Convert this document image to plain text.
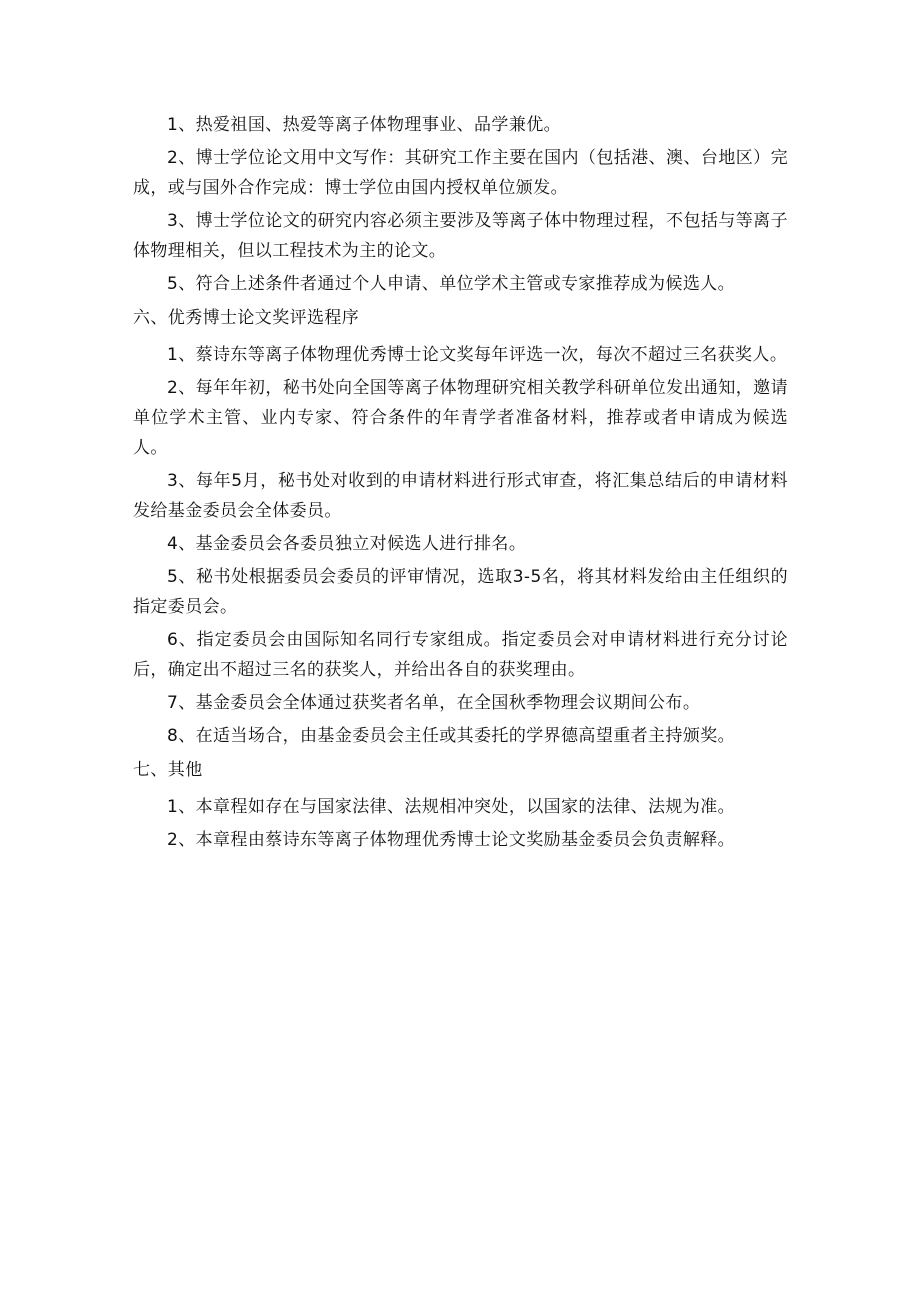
1、热爱祖国、热爱等离子体物理事业、品学兼优。

2、博士学位论文用中文写作：其研究工作主要在国内（包括港、澳、台地区）完成，或与国外合作完成：博士学位由国内授权单位颁发。

3、博士学位论文的研究内容必须主要涉及等离子体中物理过程，不包括与等离子体物理相关，但以工程技术为主的论文。

5、符合上述条件者通过个人申请、单位学术主管或专家推荐成为候选人。

六、优秀博士论文奖评选程序

1、蔡诗东等离子体物理优秀博士论文奖每年评选一次，每次不超过三名获奖人。

2、每年年初，秘书处向全国等离子体物理研究相关教学科研单位发出通知，邀请单位学术主管、业内专家、符合条件的年青学者准备材料，推荐或者申请成为候选人。

3、每年5月，秘书处对收到的申请材料进行形式审查，将汇集总结后的申请材料发给基金委员会全体委员。

4、基金委员会各委员独立对候选人进行排名。

5、秘书处根据委员会委员的评审情况，选取3-5名，将其材料发给由主任组织的指定委员会。

6、指定委员会由国际知名同行专家组成。指定委员会对申请材料进行充分讨论后，确定出不超过三名的获奖人，并给出各自的获奖理由。

7、基金委员会全体通过获奖者名单，在全国秋季物理会议期间公布。

8、在适当场合，由基金委员会主任或其委托的学界德高望重者主持颁奖。

七、其他

1、本章程如存在与国家法律、法规相冲突处，以国家的法律、法规为准。

2、本章程由蔡诗东等离子体物理优秀博士论文奖励基金委员会负责解释。
